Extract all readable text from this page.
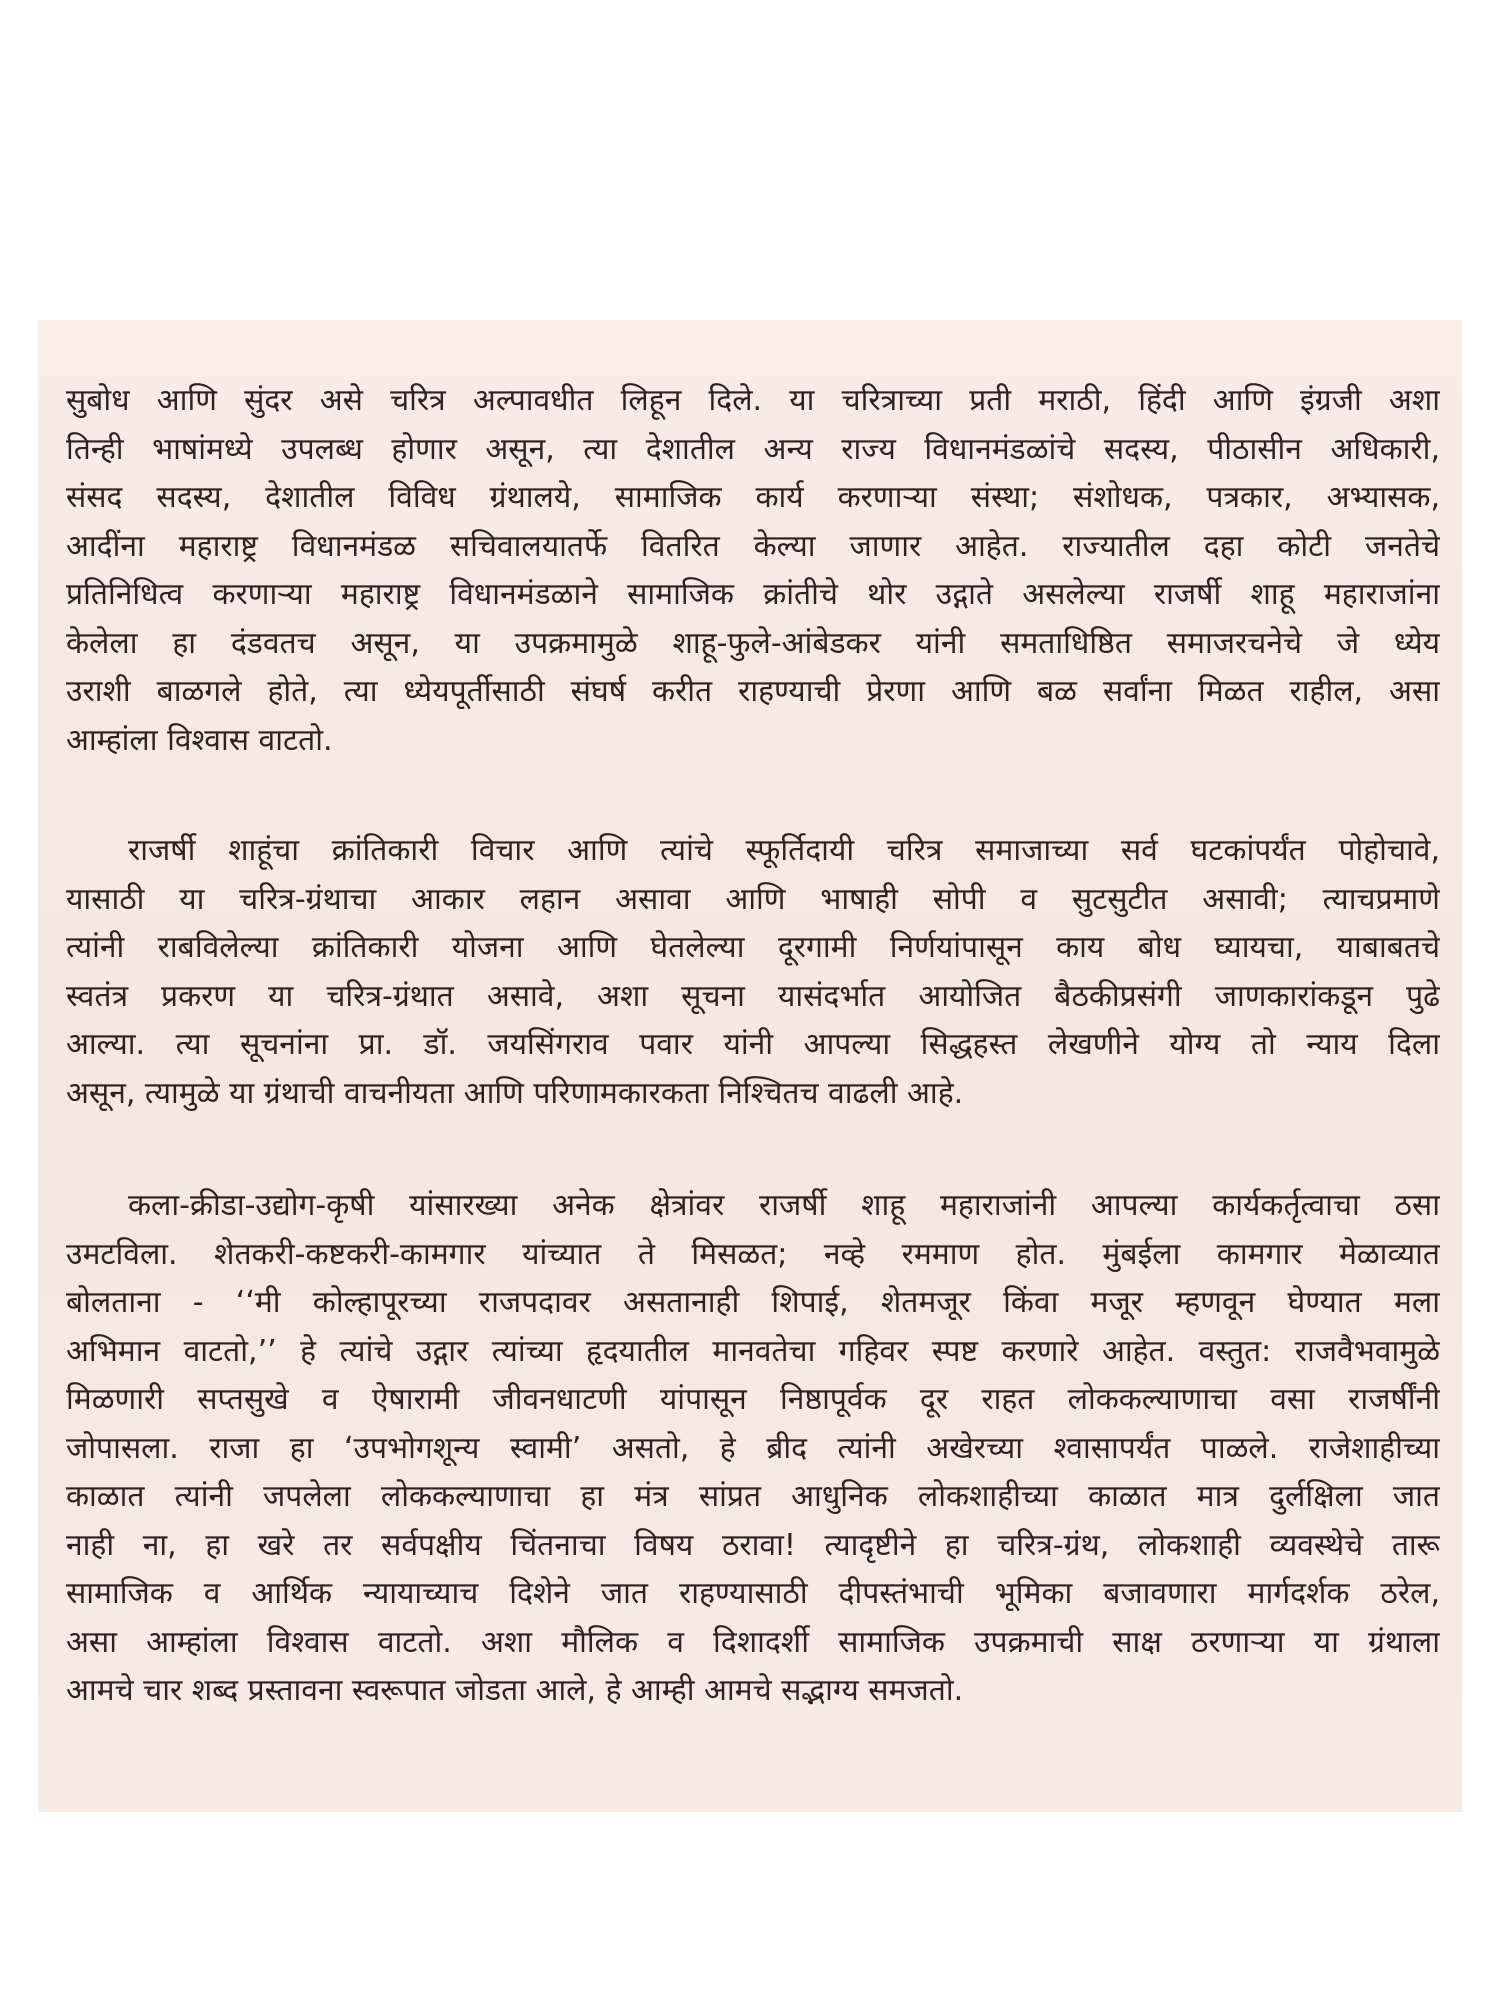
सुबोध आणि सुंदर असे चरित्र अल्पावधीत लिहून दिले. या चरित्राच्या प्रती मराठी, हिंदी आणि इंग्रजी अशा
तिन्ही भाषांमध्ये उपलब्ध होणार असून, त्या देशातील अन्य राज्य विधानमंडळांचे सदस्य, पीठासीन अधिकारी,
संसद सदस्य, देशातील विविध ग्रंथालये, सामाजिक कार्य करणाऱ्या संस्था; संशोधक, पत्रकार, अभ्यासक,
आदींना महाराष्ट्र विधानमंडळ सचिवालयातर्फे वितरित केल्या जाणार आहेत. राज्यातील दहा कोटी जनतेचे
प्रतिनिधित्व करणाऱ्या महाराष्ट्र विधानमंडळाने सामाजिक क्रांतीचे थोर उद्गाते असलेल्या राजर्षी शाहू महाराजांना
केलेला हा दंडवतच असून, या उपक्रमामुळे शाहू-फुले-आंबेडकर यांनी समताधिष्ठित समाजरचनेचे जे ध्येय
उराशी बाळगले होते, त्या ध्येयपूर्तीसाठी संघर्ष करीत राहण्याची प्रेरणा आणि बळ सर्वांना मिळत राहील, असा
आम्हांला विश्वास वाटतो.
राजर्षी शाहूंचा क्रांतिकारी विचार आणि त्यांचे स्फूर्तिदायी चरित्र समाजाच्या सर्व घटकांपर्यंत पोहोचावे,
यासाठी या चरित्र-ग्रंथाचा आकार लहान असावा आणि भाषाही सोपी व सुटसुटीत असावी; त्याचप्रमाणे
त्यांनी राबविलेल्या क्रांतिकारी योजना आणि घेतलेल्या दूरगामी निर्णयांपासून काय बोध घ्यायचा, याबाबतचे
स्वतंत्र प्रकरण या चरित्र-ग्रंथात असावे, अशा सूचना यासंदर्भात आयोजित बैठकीप्रसंगी जाणकारांकडून पुढे
आल्या. त्या सूचनांना प्रा. डॉ. जयसिंगराव पवार यांनी आपल्या सिद्धहस्त लेखणीने योग्य तो न्याय दिला
असून, त्यामुळे या ग्रंथाची वाचनीयता आणि परिणामकारकता निश्चितच वाढली आहे.
कला-क्रीडा-उद्योग-कृषी यांसारख्या अनेक क्षेत्रांवर राजर्षी शाहू महाराजांनी आपल्या कार्यकर्तृत्वाचा ठसा
उमटविला. शेतकरी-कष्टकरी-कामगार यांच्यात ते मिसळत; नव्हे रममाण होत. मुंबईला कामगार मेळाव्यात
बोलताना - ‘‘मी कोल्हापूरच्या राजपदावर असतानाही शिपाई, शेतमजूर किंवा मजूर म्हणवून घेण्यात मला
अभिमान वाटतो,’’ हे त्यांचे उद्गार त्यांच्या हृदयातील मानवतेचा गहिवर स्पष्ट करणारे आहेत. वस्तुत: राजवैभवामुळे
मिळणारी सप्तसुखे व ऐषारामी जीवनधाटणी यांपासून निष्ठापूर्वक दूर राहत लोककल्याणाचा वसा राजर्षींनी
जोपासला. राजा हा ‘उपभोगशून्य स्वामी’ असतो, हे ब्रीद त्यांनी अखेरच्या श्वासापर्यंत पाळले. राजेशाहीच्या
काळात त्यांनी जपलेला लोककल्याणाचा हा मंत्र सांप्रत आधुनिक लोकशाहीच्या काळात मात्र दुर्लक्षिला जात
नाही ना, हा खरे तर सर्वपक्षीय चिंतनाचा विषय ठरावा! त्यादृष्टीने हा चरित्र-ग्रंथ, लोकशाही व्यवस्थेचे तारू
सामाजिक व आर्थिक न्यायाच्याच दिशेने जात राहण्यासाठी दीपस्तंभाची भूमिका बजावणारा मार्गदर्शक ठरेल,
असा आम्हांला विश्वास वाटतो. अशा मौलिक व दिशादर्शी सामाजिक उपक्रमाची साक्ष ठरणाऱ्या या ग्रंथाला
आमचे चार शब्द प्रस्तावना स्वरूपात जोडता आले, हे आम्ही आमचे सद्भाग्य समजतो.
